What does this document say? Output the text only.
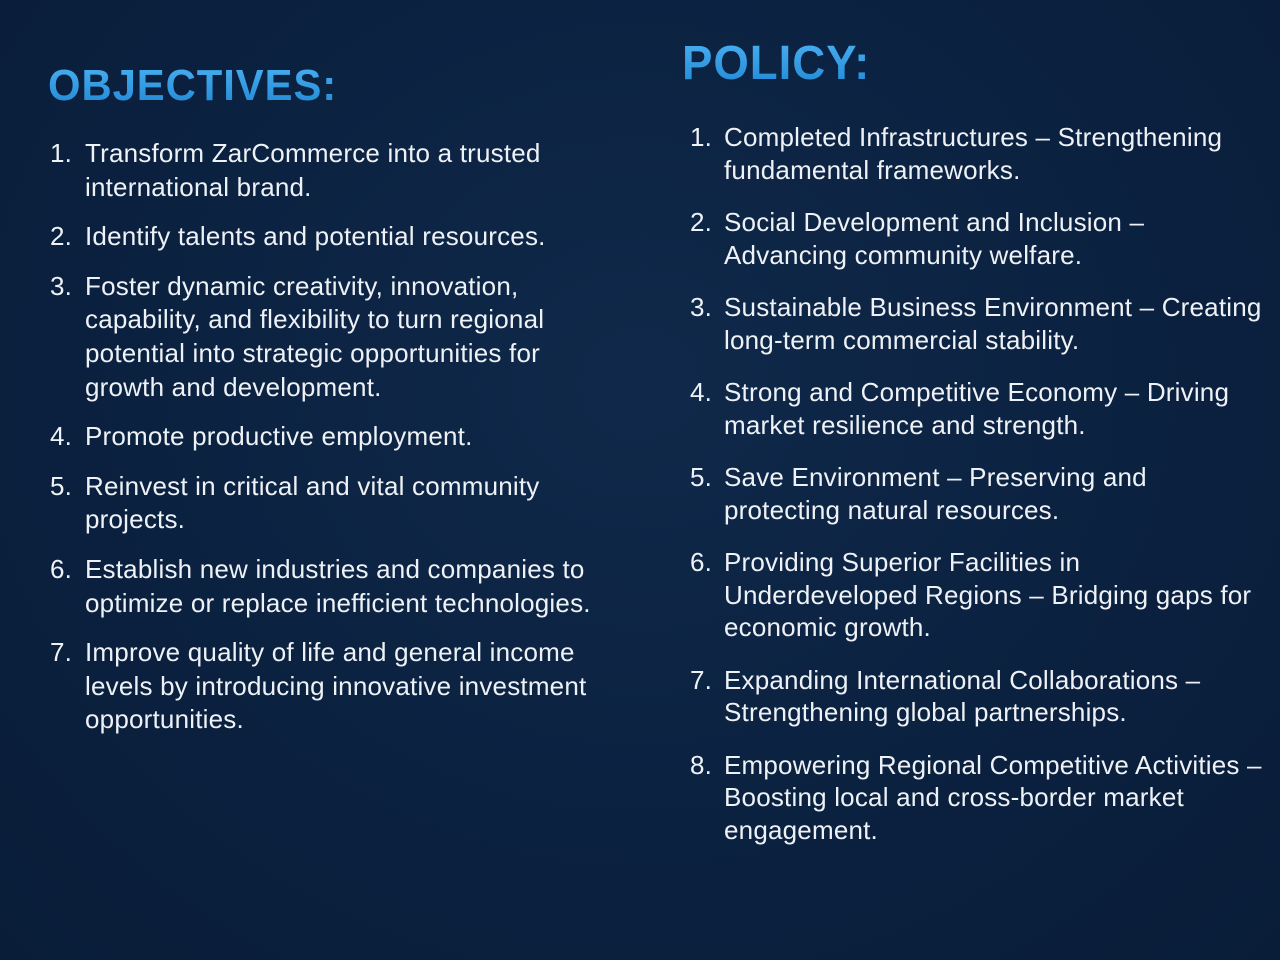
OBJECTIVES:
1. Transform ZarCommerce into a trusted international brand.
2. Identify talents and potential resources.
3. Foster dynamic creativity, innovation, capability, and flexibility to turn regional potential into strategic opportunities for growth and development.
4. Promote productive employment.
5. Reinvest in critical and vital community projects.
6. Establish new industries and companies to optimize or replace inefficient technologies.
7. Improve quality of life and general income levels by introducing innovative investment opportunities.
POLICY:
1. Completed Infrastructures – Strengthening fundamental frameworks.
2. Social Development and Inclusion – Advancing community welfare.
3. Sustainable Business Environment – Creating long-term commercial stability.
4. Strong and Competitive Economy – Driving market resilience and strength.
5. Save Environment – Preserving and protecting natural resources.
6. Providing Superior Facilities in Underdeveloped Regions – Bridging gaps for economic growth.
7. Expanding International Collaborations – Strengthening global partnerships.
8. Empowering Regional Competitive Activities – Boosting local and cross-border market engagement.
